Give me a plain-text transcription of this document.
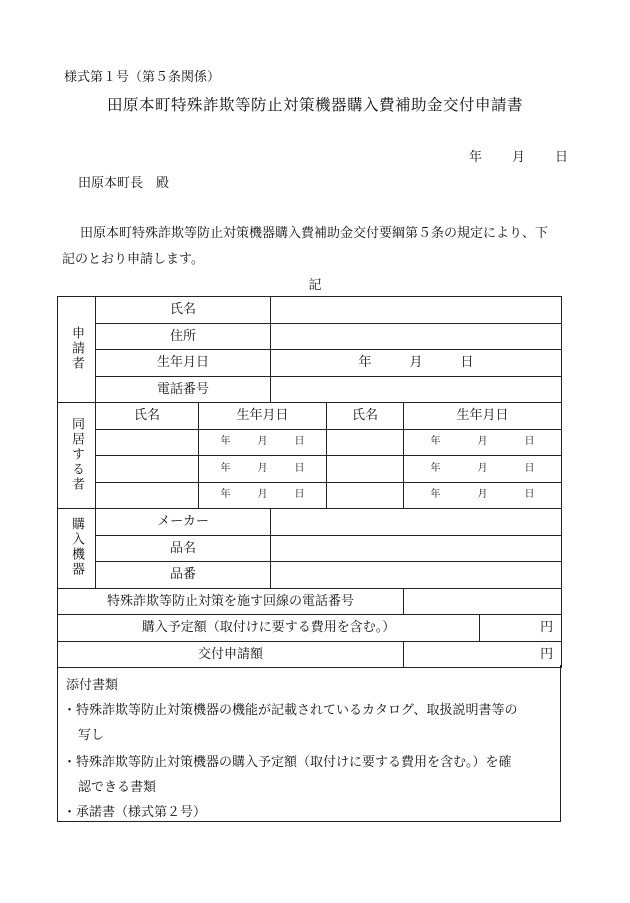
様式第１号（第５条関係）
田原本町特殊詐欺等防止対策機器購入費補助金交付申請書
年 月 日
田原本町長　殿
田原本町特殊詐欺等防止対策機器購入費補助金交付要綱第５条の規定により、下
記のとおり申請します。
記
申請者	氏名					
	住所					
	生年月日		年 月 日			

	電話番号					
同居する者	氏名	生年月日		氏名	生年月日	

		年 月 日			年 月 日	

		年 月 日			年 月 日	

		年 月 日			年 月 日	

購入機器	メーカー					
	品名					
	品番					
特殊詐欺等防止対策を施す回線の電話番号						
購入予定額（取付けに要する費用を含む。）						円
交付申請額					円	
添付書類
・特殊詐欺等防止対策機器の機能が記載されているカタログ、取扱説明書等の
写し
・特殊詐欺等防止対策機器の購入予定額（取付けに要する費用を含む。）を確
認できる書類
・承諾書（様式第２号）
